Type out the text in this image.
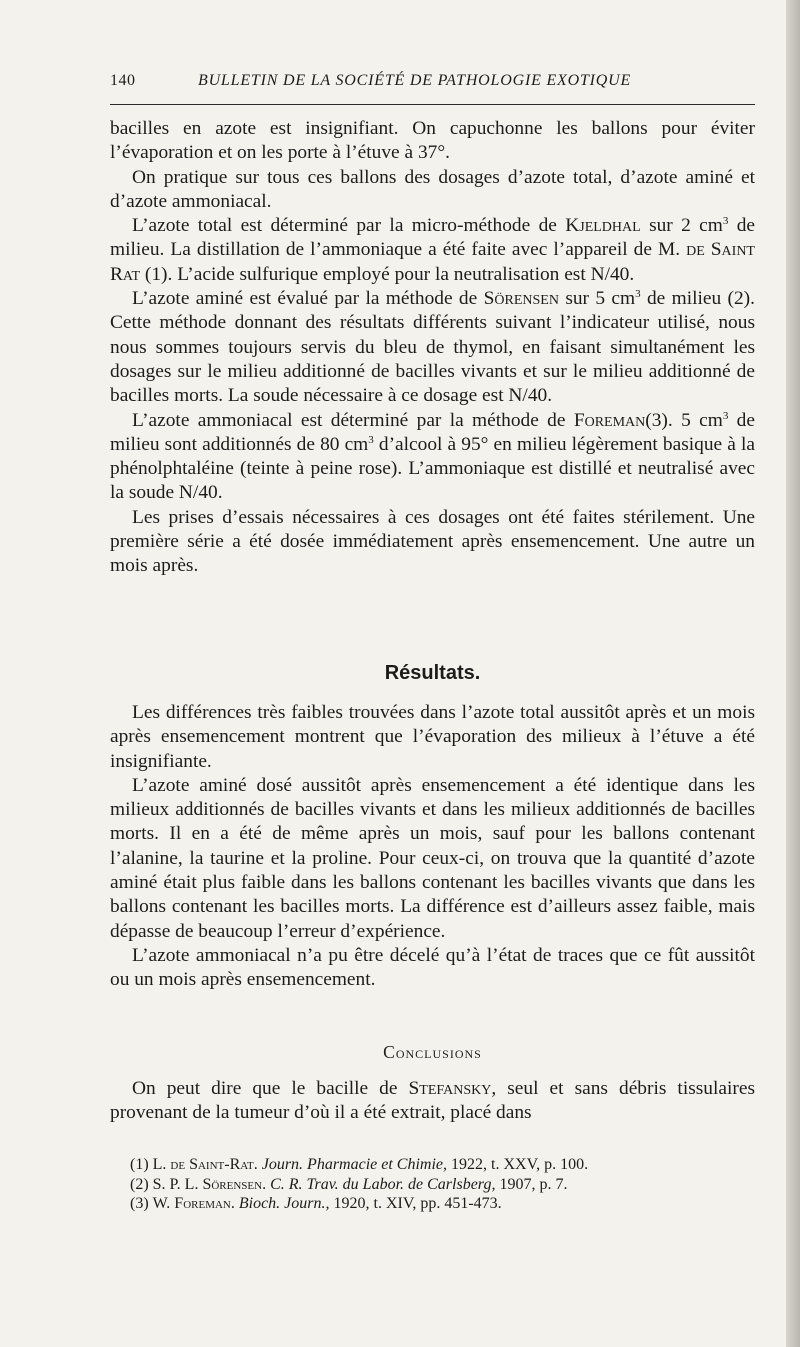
140	BULLETIN DE LA SOCIÉTÉ DE PATHOLOGIE EXOTIQUE

bacilles en azote est insignifiant. On capuchonne les ballons pour éviter l’évaporation et on les porte à l’étuve à 37°.

On pratique sur tous ces ballons des dosages d’azote total, d’azote aminé et d’azote ammoniacal.

L’azote total est déterminé par la micro-méthode de Kjeldhal sur 2 $cm^3$ de milieu. La distillation de l’ammoniaque a été faite avec l’appareil de M. de Saint Rat (1). L’acide sulfurique employé pour la neutralisation est N/40.

L’azote aminé est évalué par la méthode de Sörensen sur 5 $cm^3$ de milieu (2). Cette méthode donnant des résultats différents suivant l’indicateur utilisé, nous nous sommes toujours servis du bleu de thymol, en faisant simultanément les dosages sur le milieu additionné de bacilles vivants et sur le milieu additionné de bacilles morts. La soude nécessaire à ce dosage est N/40.

L’azote ammoniacal est déterminé par la méthode de Foreman(3). 5 $cm^3$ de milieu sont additionnés de 80 $cm^3$ d’alcool à 95° en milieu légèrement basique à la phénolphtaléine (teinte à peine rose). L’ammoniaque est distillé et neutralisé avec la soude N/40.

Les prises d’essais nécessaires à ces dosages ont été faites stérilement. Une première série a été dosée immédiatement après ensemencement. Une autre un mois après.

Résultats.

Les différences très faibles trouvées dans l’azote total aussitôt après et un mois après ensemencement montrent que l’évaporation des milieux à l’étuve a été insignifiante.

L’azote aminé dosé aussitôt après ensemencement a été identique dans les milieux additionnés de bacilles vivants et dans les milieux additionnés de bacilles morts. Il en a été de même après un mois, sauf pour les ballons contenant l’alanine, la taurine et la proline. Pour ceux-ci, on trouva que la quantité d’azote aminé était plus faible dans les ballons contenant les bacilles vivants que dans les ballons contenant les bacilles morts. La différence est d’ailleurs assez faible, mais dépasse de beaucoup l’erreur d’expérience.

L’azote ammoniacal n’a pu être décelé qu’à l’état de traces que ce fût aussitôt ou un mois après ensemencement.

Conclusions

On peut dire que le bacille de Stefansky, seul et sans débris tissulaires provenant de la tumeur d’où il a été extrait, placé dans

(1) L. de Saint-Rat. Journ. Pharmacie et Chimie, 1922, t. XXV, p. 100.
(2) S. P. L. Sörensen. C. R. Trav. du Labor. de Carlsberg, 1907, p. 7.
(3) W. Foreman. Bioch. Journ., 1920, t. XIV, pp. 451-473.
